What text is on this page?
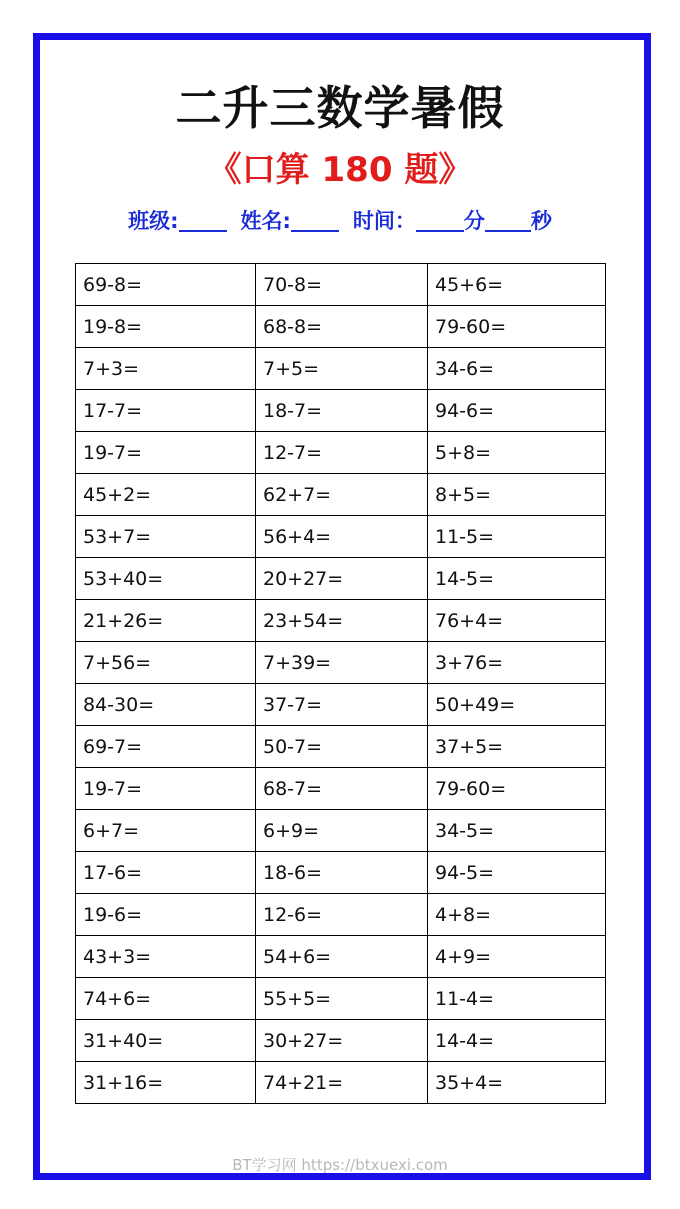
二升三数学暑假
《口算 180 题》
班级:	姓名:	时间： 分 秒
69-8=	70-8=	45+6=
19-8=	68-8=	79-60=
7+3=	7+5=	34-6=
17-7=	18-7=	94-6=
19-7=	12-7=	5+8=
45+2=	62+7=	8+5=
53+7=	56+4=	11-5=
53+40=	20+27=	14-5=
21+26=	23+54=	76+4=
7+56=	7+39=	3+76=
84-30=	37-7=	50+49=
69-7=	50-7=	37+5=
19-7=	68-7=	79-60=
6+7=	6+9=	34-5=
17-6=	18-6=	94-5=
19-6=	12-6=	4+8=
43+3=	54+6=	4+9=
74+6=	55+5=	11-4=
31+40=	30+27=	14-4=
31+16=	74+21=	35+4=
BT学习网 https://btxuexi.com
